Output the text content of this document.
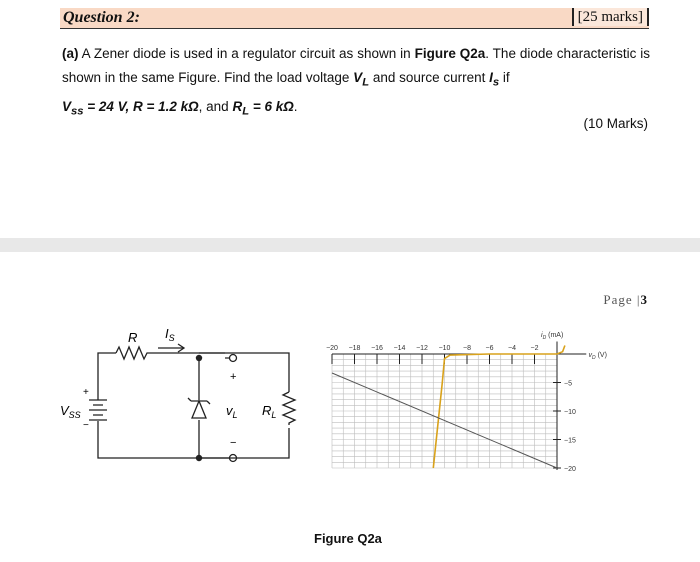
Question 2:	[25 marks]
(a) A Zener diode is used in a regulator circuit as shown in Figure Q2a. The diode characteristic is shown in the same Figure. Find the load voltage $V_L$ and source current $I_s$ if
$V_{ss} = 24$ V, R = 1.2 kΩ, and $R_L = 6$ kΩ.
(10 Marks)
Page |3
R $I_S$
$V_{SS}$
+
−
+
−
$v_L$ $R_L$
−20 −18 −16 −14 −12 −10 −8 −6 −4 −2
−5
−10
−15
−20
$i_D$ (mA)
$v_D$ (V)
Figure Q2a
